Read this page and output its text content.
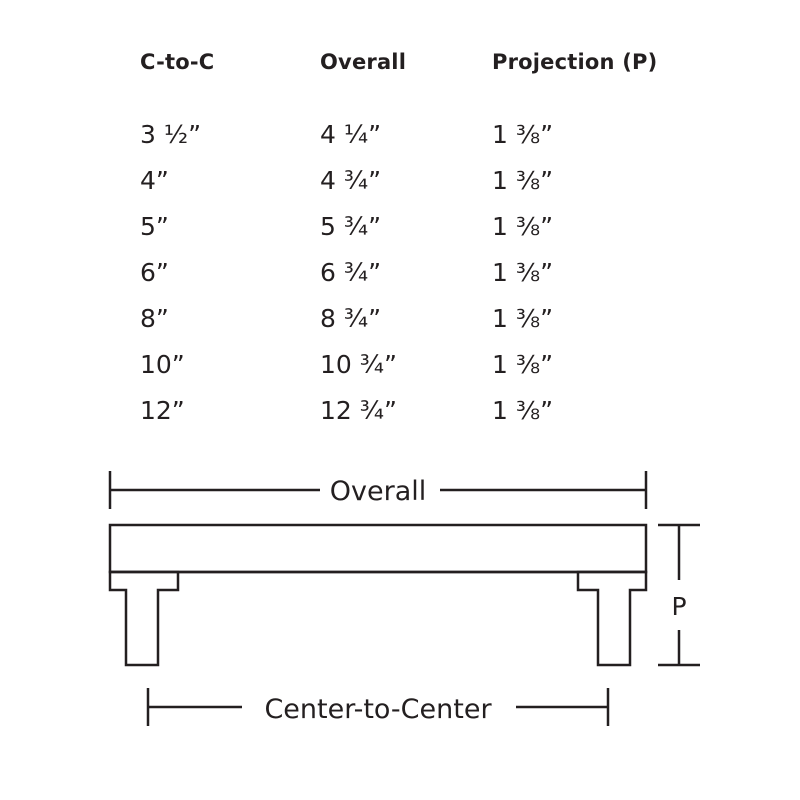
C-to-C	Overall	Projection (P)
3 ½”	4 ¼”	1 ⅜”
4”	4 ¾”	1 ⅜”
5”	5 ¾”	1 ⅜”
6”	6 ¾”	1 ⅜”
8”	8 ¾”	1 ⅜”
10”	10 ¾”	1 ⅜”
12”	12 ¾”	1 ⅜”
Overall
P
Center-to-Center
